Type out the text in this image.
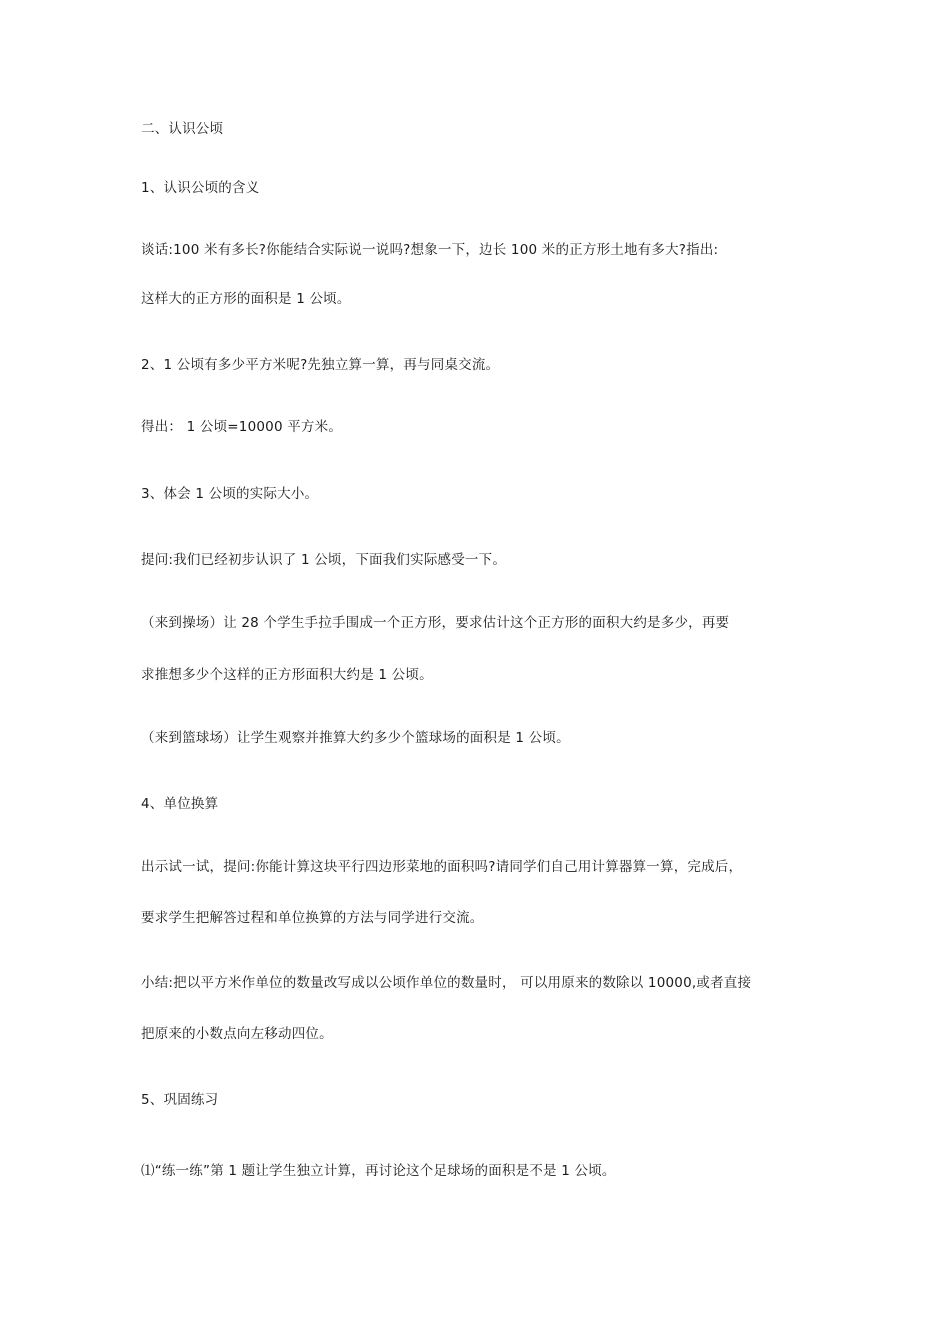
二、认识公顷
1、认识公顷的含义
谈话:100 米有多长?你能结合实际说一说吗?想象一下，边长 100 米的正方形土地有多大?指出:
这样大的正方形的面积是 1 公顷。
2、1 公顷有多少平方米呢?先独立算一算，再与同桌交流。
得出： 1 公顷=10000 平方米。
3、体会 1 公顷的实际大小。
提问:我们已经初步认识了 1 公顷，下面我们实际感受一下。
（来到操场）让 28 个学生手拉手围成一个正方形，要求估计这个正方形的面积大约是多少，再要
求推想多少个这样的正方形面积大约是 1 公顷。
（来到篮球场）让学生观察并推算大约多少个篮球场的面积是 1 公顷。
4、单位换算
出示试一试，提问:你能计算这块平行四边形菜地的面积吗?请同学们自己用计算器算一算，完成后，
要求学生把解答过程和单位换算的方法与同学进行交流。
小结:把以平方米作单位的数量改写成以公顷作单位的数量时， 可以用原来的数除以 10000,或者直接
把原来的小数点向左移动四位。
5、巩固练习
⑴“练一练”第 1 题让学生独立计算，再讨论这个足球场的面积是不是 1 公顷。
